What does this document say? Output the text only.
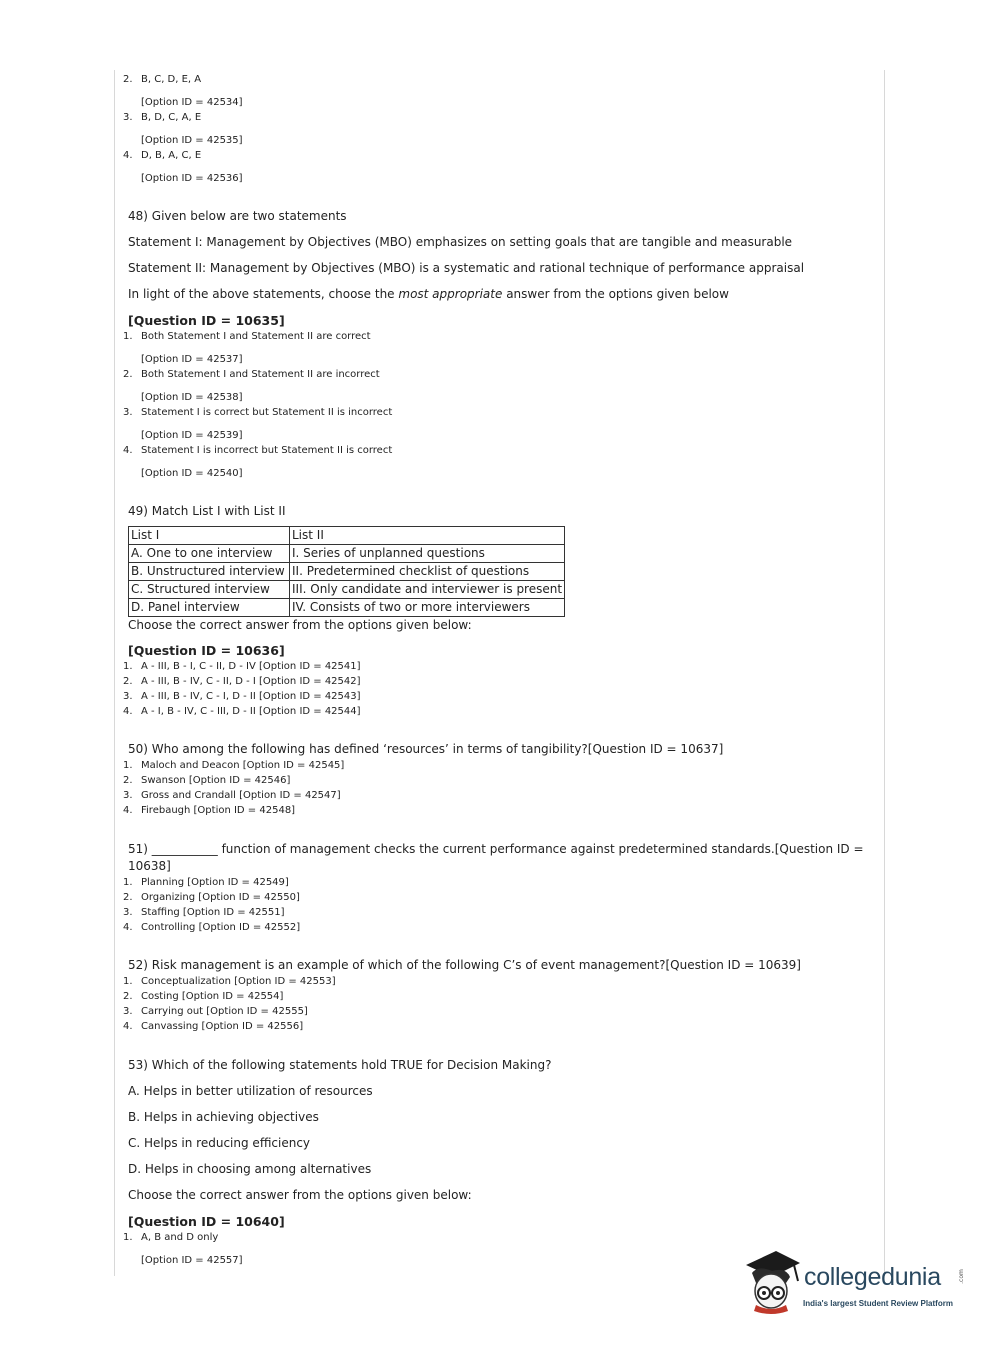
2. B, C, D, E, A
[Option ID = 42534]
3. B, D, C, A, E
[Option ID = 42535]
4. D, B, A, C, E
[Option ID = 42536]
48) Given below are two statements
Statement I: Management by Objectives (MBO) emphasizes on setting goals that are tangible and measurable
Statement II: Management by Objectives (MBO) is a systematic and rational technique of performance appraisal
In light of the above statements, choose the most appropriate answer from the options given below
[Question ID = 10635]
1. Both Statement I and Statement II are correct
[Option ID = 42537]
2. Both Statement I and Statement II are incorrect
[Option ID = 42538]
3. Statement I is correct but Statement II is incorrect
[Option ID = 42539]
4. Statement I is incorrect but Statement II is correct
[Option ID = 42540]
49) Match List I with List II
List I	List II
A. One to one interview	I. Series of unplanned questions
B. Unstructured interview	II. Predetermined checklist of questions
C. Structured interview	III. Only candidate and interviewer is present
D. Panel interview	IV. Consists of two or more interviewers
Choose the correct answer from the options given below:
[Question ID = 10636]
1. A - III, B - I, C - II, D - IV [Option ID = 42541]
2. A - III, B - IV, C - II, D - I [Option ID = 42542]
3. A - III, B - IV, C - I, D - II [Option ID = 42543]
4. A - I, B - IV, C - III, D - II [Option ID = 42544]
50) Who among the following has defined ‘resources’ in terms of tangibility?[Question ID = 10637]
1. Maloch and Deacon [Option ID = 42545]
2. Swanson [Option ID = 42546]
3. Gross and Crandall [Option ID = 42547]
4. Firebaugh [Option ID = 42548]
51) ___________ function of management checks the current performance against predetermined standards.[Question ID =
10638]
1. Planning [Option ID = 42549]
2. Organizing [Option ID = 42550]
3. Staffing [Option ID = 42551]
4. Controlling [Option ID = 42552]
52) Risk management is an example of which of the following C’s of event management?[Question ID = 10639]
1. Conceptualization [Option ID = 42553]
2. Costing [Option ID = 42554]
3. Carrying out [Option ID = 42555]
4. Canvassing [Option ID = 42556]
53) Which of the following statements hold TRUE for Decision Making?
A. Helps in better utilization of resources
B. Helps in achieving objectives
C. Helps in reducing efficiency
D. Helps in choosing among alternatives
Choose the correct answer from the options given below:
[Question ID = 10640]
1. A, B and D only
[Option ID = 42557]
collegedunia	.com
India's largest Student Review Platform
